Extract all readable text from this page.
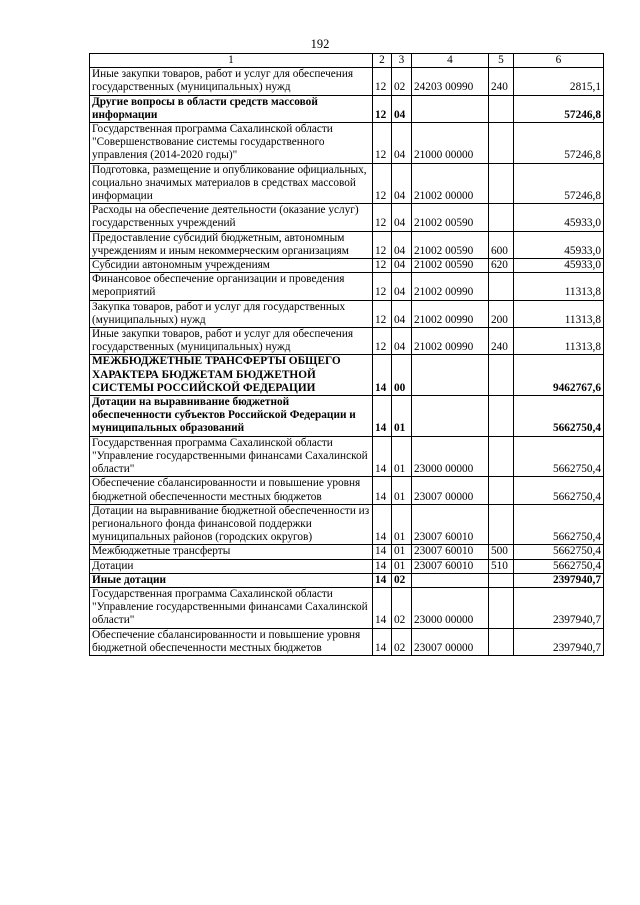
192
1	2	3	4	5	6
Иные закупки товаров, работ и услуг для обеспечения государственных (муниципальных) нужд	12	02	24203 00990	240	2815,1
Другие вопросы в области средств массовой информации	12	04			57246,8
Государственная программа Сахалинской области "Совершенствование системы государственного управления (2014-2020 годы)"	12	04	21000 00000		57246,8
Подготовка, размещение и опубликование официальных, социально значимых материалов в средствах массовой информации	12	04	21002 00000		57246,8
Расходы на обеспечение деятельности (оказание услуг) государственных учреждений	12	04	21002 00590		45933,0
Предоставление субсидий бюджетным, автономным учреждениям и иным некоммерческим организациям	12	04	21002 00590	600	45933,0
Субсидии автономным учреждениям	12	04	21002 00590	620	45933,0
Финансовое обеспечение организации и проведения мероприятий	12	04	21002 00990		11313,8
Закупка товаров, работ и услуг для государственных (муниципальных) нужд	12	04	21002 00990	200	11313,8
Иные закупки товаров, работ и услуг для обеспечения государственных (муниципальных) нужд	12	04	21002 00990	240	11313,8
МЕЖБЮДЖЕТНЫЕ ТРАНСФЕРТЫ ОБЩЕГО ХАРАКТЕРА БЮДЖЕТАМ БЮДЖЕТНОЙ СИСТЕМЫ РОССИЙСКОЙ ФЕДЕРАЦИИ	14	00			9462767,6
Дотации на выравнивание бюджетной обеспеченности субъектов Российской Федерации и муниципальных образований	14	01			5662750,4
Государственная программа Сахалинской области "Управление государственными финансами Сахалинской области"	14	01	23000 00000		5662750,4
Обеспечение сбалансированности и повышение уровня бюджетной обеспеченности местных бюджетов	14	01	23007 00000		5662750,4
Дотации на выравнивание бюджетной обеспеченности из регионального фонда финансовой поддержки муниципальных районов (городских округов)	14	01	23007 60010		5662750,4
Межбюджетные трансферты	14	01	23007 60010	500	5662750,4
Дотации	14	01	23007 60010	510	5662750,4
Иные дотации	14	02			2397940,7
Государственная программа Сахалинской области "Управление государственными финансами Сахалинской области"	14	02	23000 00000		2397940,7
Обеспечение сбалансированности и повышение уровня бюджетной обеспеченности местных бюджетов	14	02	23007 00000		2397940,7
